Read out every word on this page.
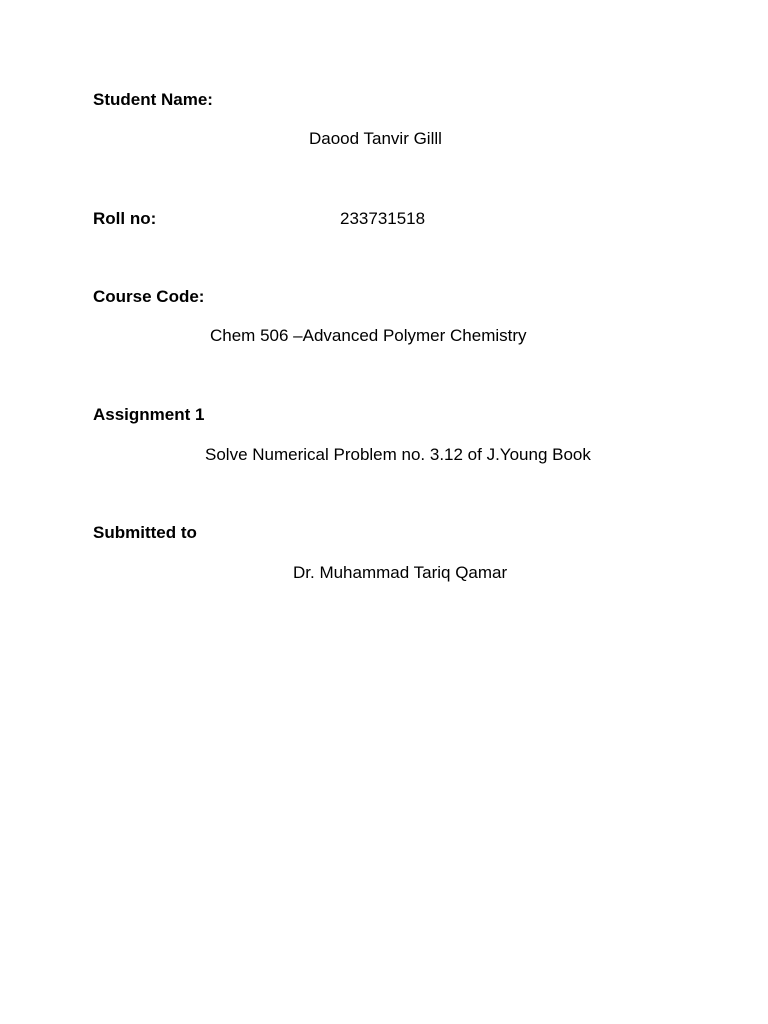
Student Name:
Daood Tanvir Gilll
Roll no:	233731518
Course Code:
Chem 506 –Advanced Polymer Chemistry
Assignment 1
Solve Numerical Problem no. 3.12 of J.Young Book
Submitted to
Dr. Muhammad Tariq Qamar
